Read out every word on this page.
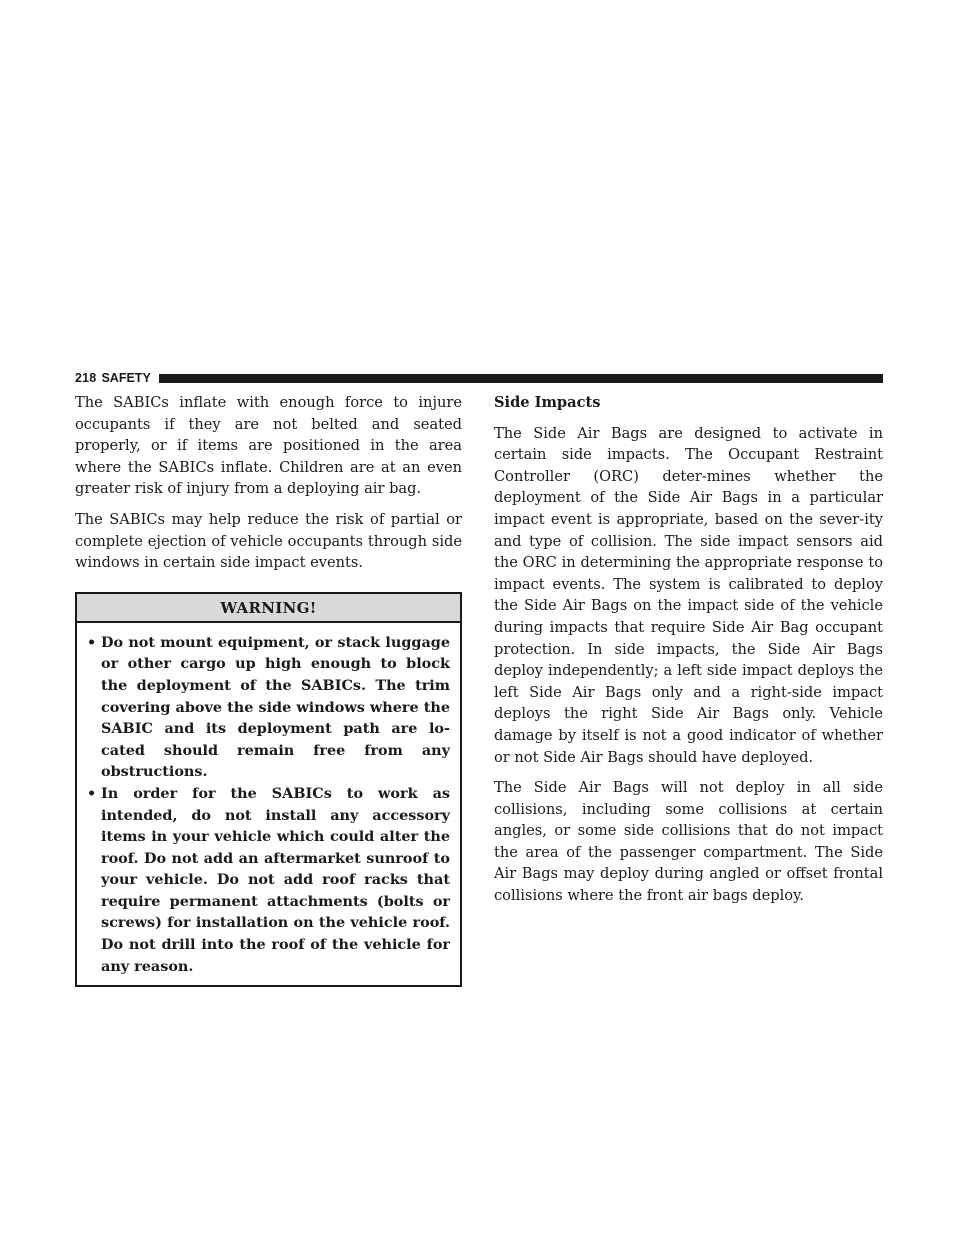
218 SAFETY

The SABICs inflate with enough force to injure occupants if they are not belted and seated properly, or if items are positioned in the area where the SABICs inflate. Children are at an even greater risk of injury from a deploying air bag.

The SABICs may help reduce the risk of partial or complete ejection of vehicle occupants through side windows in certain side impact events.

WARNING!
• Do not mount equipment, or stack luggage or other cargo up high enough to block the deployment of the SABICs. The trim covering above the side windows where the SABIC and its deployment path are lo-cated should remain free from any obstructions.
• In order for the SABICs to work as intended, do not install any accessory items in your vehicle which could alter the roof. Do not add an aftermarket sunroof to your vehicle. Do not add roof racks that require permanent attachments (bolts or screws) for installation on the vehicle roof. Do not drill into the roof of the vehicle for any reason.

Side Impacts

The Side Air Bags are designed to activate in certain side impacts. The Occupant Restraint Controller (ORC) deter-mines whether the deployment of the Side Air Bags in a particular impact event is appropriate, based on the sever-ity and type of collision. The side impact sensors aid the ORC in determining the appropriate response to impact events. The system is calibrated to deploy the Side Air Bags on the impact side of the vehicle during impacts that require Side Air Bag occupant protection. In side impacts, the Side Air Bags deploy independently; a left side impact deploys the left Side Air Bags only and a right-side impact deploys the right Side Air Bags only. Vehicle damage by itself is not a good indicator of whether or not Side Air Bags should have deployed.

The Side Air Bags will not deploy in all side collisions, including some collisions at certain angles, or some side collisions that do not impact the area of the passenger compartment. The Side Air Bags may deploy during angled or offset frontal collisions where the front air bags deploy.
